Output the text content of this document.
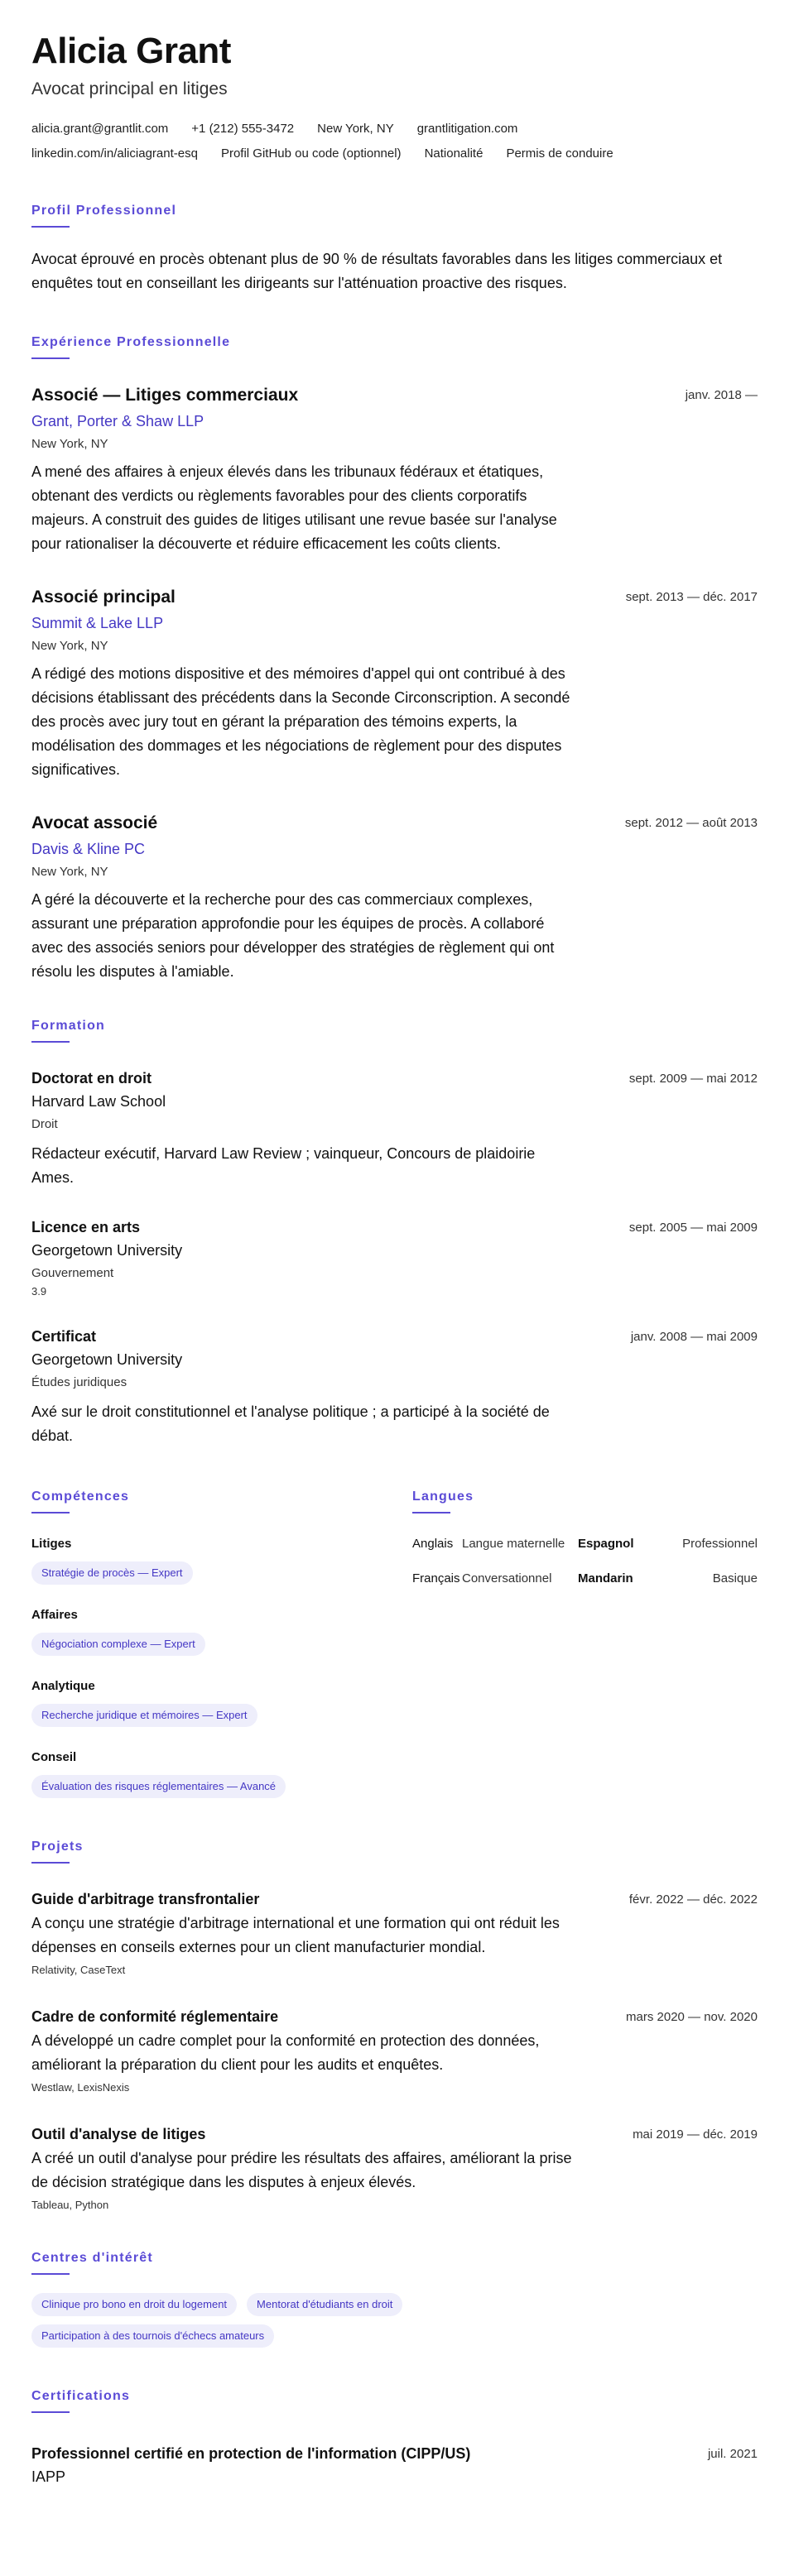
Alicia Grant
Avocat principal en litiges
alicia.grant@grantlit.com +1 (212) 555-3472 New York, NY grantlitigation.com
linkedin.com/in/aliciagrant-esq Profil GitHub ou code (optionnel) Nationalité Permis de conduire
Profil Professionnel

Avocat éprouvé en procès obtenant plus de 90 % de résultats favorables dans les litiges commerciaux et enquêtes tout en conseillant les dirigeants sur l'atténuation proactive des risques.

Expérience Professionnelle
Associé — Litiges commerciaux	janv. 2018 —
Grant, Porter & Shaw LLP
New York, NY

A mené des affaires à enjeux élevés dans les tribunaux fédéraux et étatiques, obtenant des verdicts ou règlements favorables pour des clients corporatifs majeurs. A construit des guides de litiges utilisant une revue basée sur l'analyse pour rationaliser la découverte et réduire efficacement les coûts clients.

Associé principal	sept. 2013 — déc. 2017
Summit & Lake LLP
New York, NY

A rédigé des motions dispositive et des mémoires d'appel qui ont contribué à des décisions établissant des précédents dans la Seconde Circonscription. A secondé des procès avec jury tout en gérant la préparation des témoins experts, la modélisation des dommages et les négociations de règlement pour des disputes significatives.

Avocat associé	sept. 2012 — août 2013
Davis & Kline PC
New York, NY

A géré la découverte et la recherche pour des cas commerciaux complexes, assurant une préparation approfondie pour les équipes de procès. A collaboré avec des associés seniors pour développer des stratégies de règlement qui ont résolu les disputes à l'amiable.

Formation
Doctorat en droit	sept. 2009 — mai 2012
Harvard Law School
Droit

Rédacteur exécutif, Harvard Law Review ; vainqueur, Concours de plaidoirie Ames.

Licence en arts	sept. 2005 — mai 2009
Georgetown University
Gouvernement
3.9
Certificat	janv. 2008 — mai 2009
Georgetown University
Études juridiques

Axé sur le droit constitutionnel et l'analyse politique ; a participé à la société de débat.

Compétences
Litiges
Stratégie de procès — Expert
Affaires
Négociation complexe — Expert
Analytique
Recherche juridique et mémoires — Expert
Conseil
Évaluation des risques réglementaires — Avancé
Langues
Anglais Langue maternelle	Espagnol	Professionnel
Français Conversationnel	Mandarin	Basique
Projets
Guide d'arbitrage transfrontalier	févr. 2022 — déc. 2022

A conçu une stratégie d'arbitrage international et une formation qui ont réduit les dépenses en conseils externes pour un client manufacturier mondial.

Relativity, CaseText
Cadre de conformité réglementaire	mars 2020 — nov. 2020

A développé un cadre complet pour la conformité en protection des données, améliorant la préparation du client pour les audits et enquêtes.

Westlaw, LexisNexis
Outil d'analyse de litiges	mai 2019 — déc. 2019

A créé un outil d'analyse pour prédire les résultats des affaires, améliorant la prise de décision stratégique dans les disputes à enjeux élevés.

Tableau, Python
Centres d'intérêt
Clinique pro bono en droit du logement	Mentorat d'étudiants en droit
Participation à des tournois d'échecs amateurs
Certifications
Professionnel certifié en protection de l'information (CIPP/US)	juil. 2021
IAPP
